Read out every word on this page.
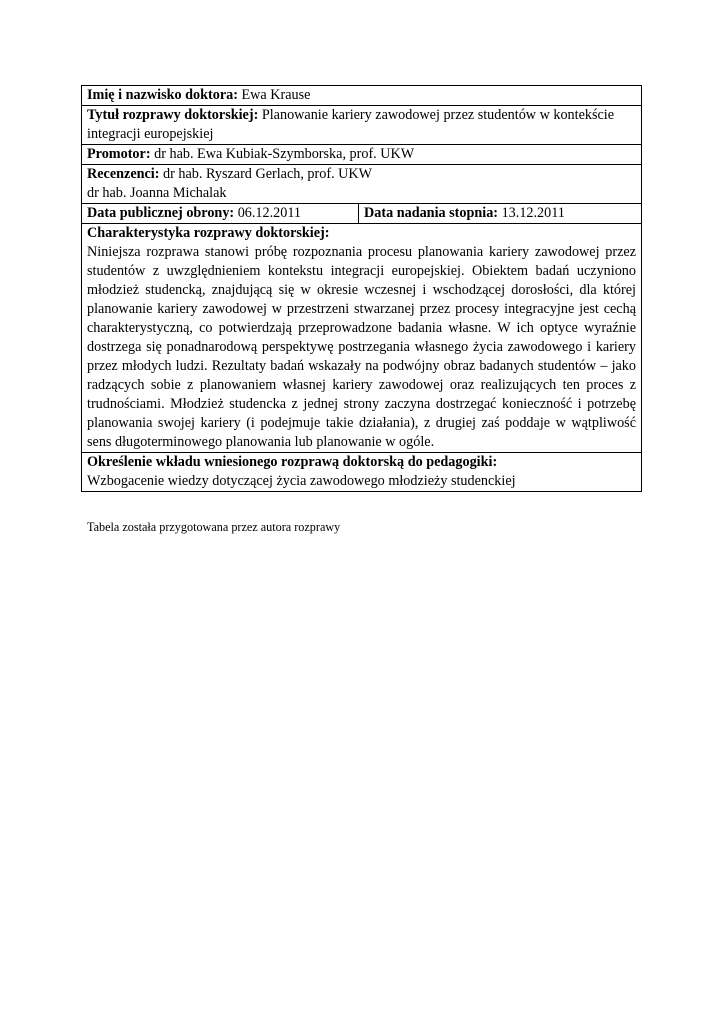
Imię i nazwisko doktora: Ewa Krause
Tytuł rozprawy doktorskiej: Planowanie kariery zawodowej przez studentów w kontekście integracji europejskiej
Promotor: dr hab. Ewa Kubiak-Szymborska, prof. UKW
Recenzenci: dr hab. Ryszard Gerlach, prof. UKW
dr hab. Joanna Michalak
Data publicznej obrony: 06.12.2011	Data nadania stopnia: 13.12.2011

Charakterystyka rozprawy doktorskiej:
Niniejsza rozprawa stanowi próbę rozpoznania procesu planowania kariery zawodowej przez studentów z uwzględnieniem kontekstu integracji europejskiej. Obiektem badań uczyniono młodzież studencką, znajdującą się w okresie wczesnej i wschodzącej dorosłości, dla której planowanie kariery zawodowej w przestrzeni stwarzanej przez procesy integracyjne jest cechą charakterystyczną, co potwierdzają przeprowadzone badania własne. W ich optyce wyraźnie dostrzega się ponadnarodową perspektywę postrzegania własnego życia zawodowego i kariery przez młodych ludzi. Rezultaty badań wskazały na podwójny obraz badanych studentów – jako radzących sobie z planowaniem własnej kariery zawodowej oraz realizujących ten proces z trudnościami. Młodzież studencka z jednej strony zaczyna dostrzegać konieczność i potrzebę planowania swojej kariery (i podejmuje takie działania), z drugiej zaś poddaje w wątpliwość sens długoterminowego planowania lub planowanie w ogóle.

Określenie wkładu wniesionego rozprawą doktorską do pedagogiki:
Wzbogacenie wiedzy dotyczącej życia zawodowego młodzieży studenckiej
Tabela została przygotowana przez autora rozprawy
